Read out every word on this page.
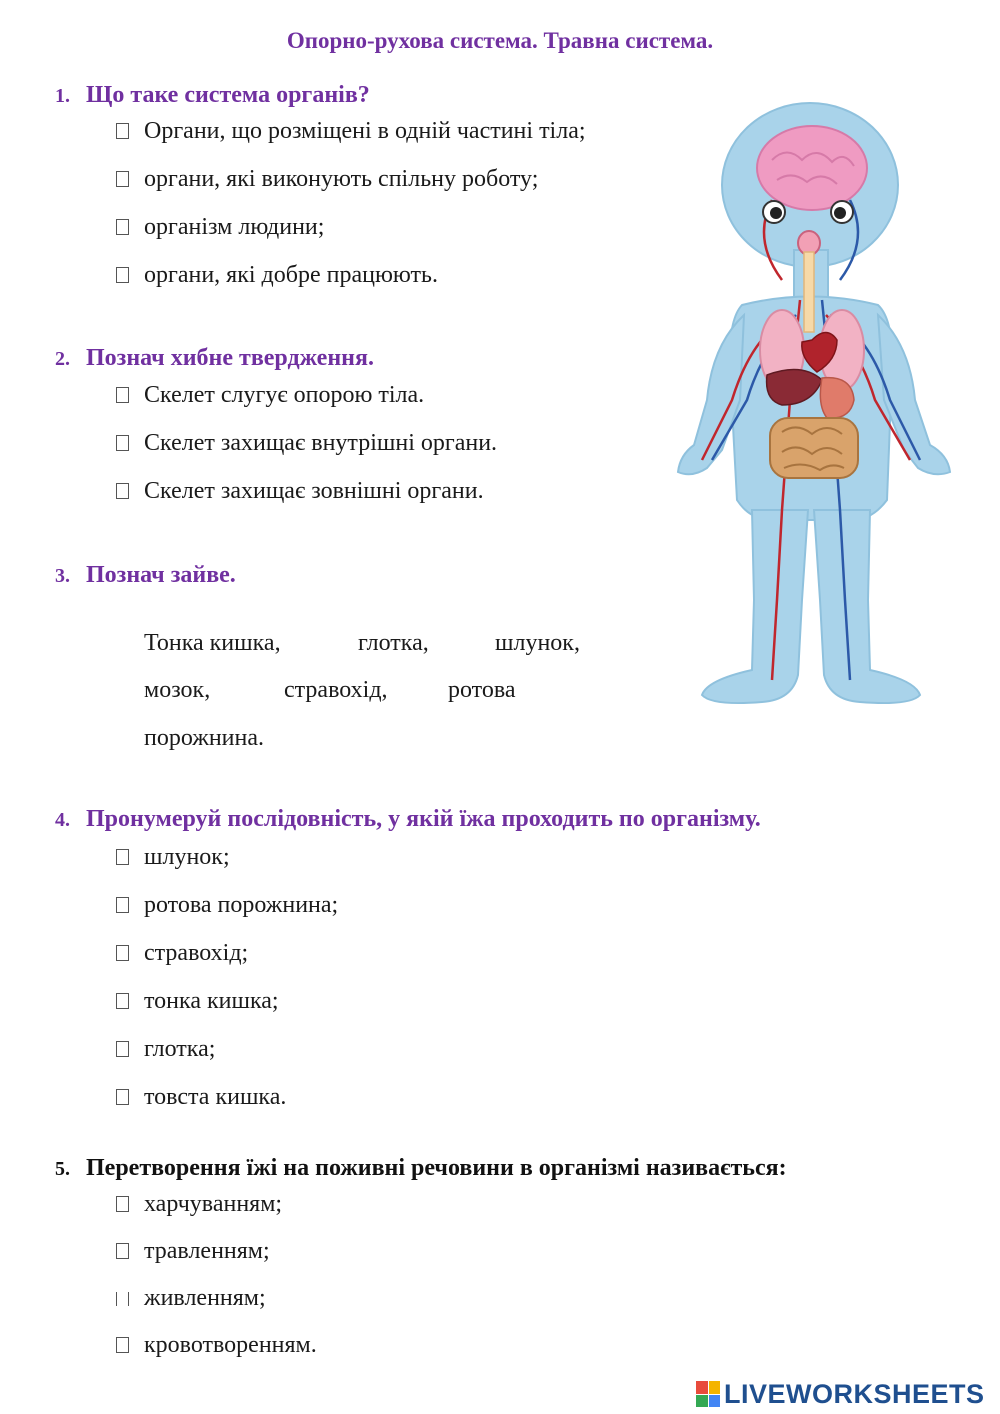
Опорно-рухова система. Травна система.
1. Що таке система органів?
Органи, що розміщені в одній частині тіла;
органи, які виконують спільну роботу;
організм людини;
органи, які добре працюють.
2. Познач хибне твердження.
Скелет слугує опорою тіла.
Скелет захищає внутрішні органи.
Скелет захищає зовнішні органи.
3. Познач зайве.
Тонка кишка,	глотка,	шлунок,
мозок,	стравохід,	ротова
порожнина.
4. Пронумеруй послідовність, у якій їжа проходить по організму.
шлунок;
ротова порожнина;
стравохід;
тонка кишка;
глотка;
товста кишка.
5. Перетворення їжі на поживні речовини в організмі називається:
харчуванням;
травленням;
живленням;
кровотворенням.
LIVEWORKSHEETS
